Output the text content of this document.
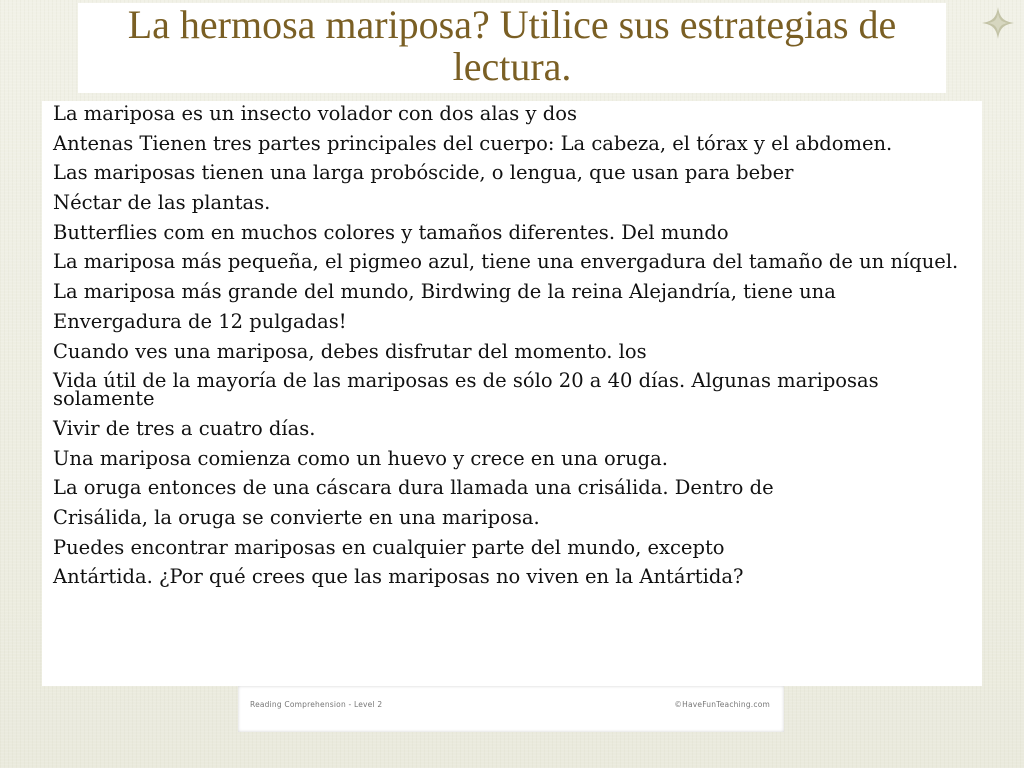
La hermosa mariposa? Utilice sus estrategias de lectura.
La mariposa es un insecto volador con dos alas y dos
Antenas Tienen tres partes principales del cuerpo: La cabeza, el tórax y el abdomen.
Las mariposas tienen una larga probóscide, o lengua, que usan para beber
Néctar de las plantas.
Butterflies com en muchos colores y tamaños diferentes. Del mundo
La mariposa más pequeña, el pigmeo azul, tiene una envergadura del tamaño de un níquel.
La mariposa más grande del mundo, Birdwing de la reina Alejandría, tiene una
Envergadura de 12 pulgadas!
Cuando ves una mariposa, debes disfrutar del momento. los
Vida útil de la mayoría de las mariposas es de sólo 20 a 40 días. Algunas mariposas solamente
Vivir de tres a cuatro días.
Una mariposa comienza como un huevo y crece en una oruga.
La oruga entonces de una cáscara dura llamada una crisálida. Dentro de
Crisálida, la oruga se convierte en una mariposa.
Puedes encontrar mariposas en cualquier parte del mundo, excepto
Antártida. ¿Por qué crees que las mariposas no viven en la Antártida?
Reading Comprehension - Level 2	©HaveFunTeaching.com
